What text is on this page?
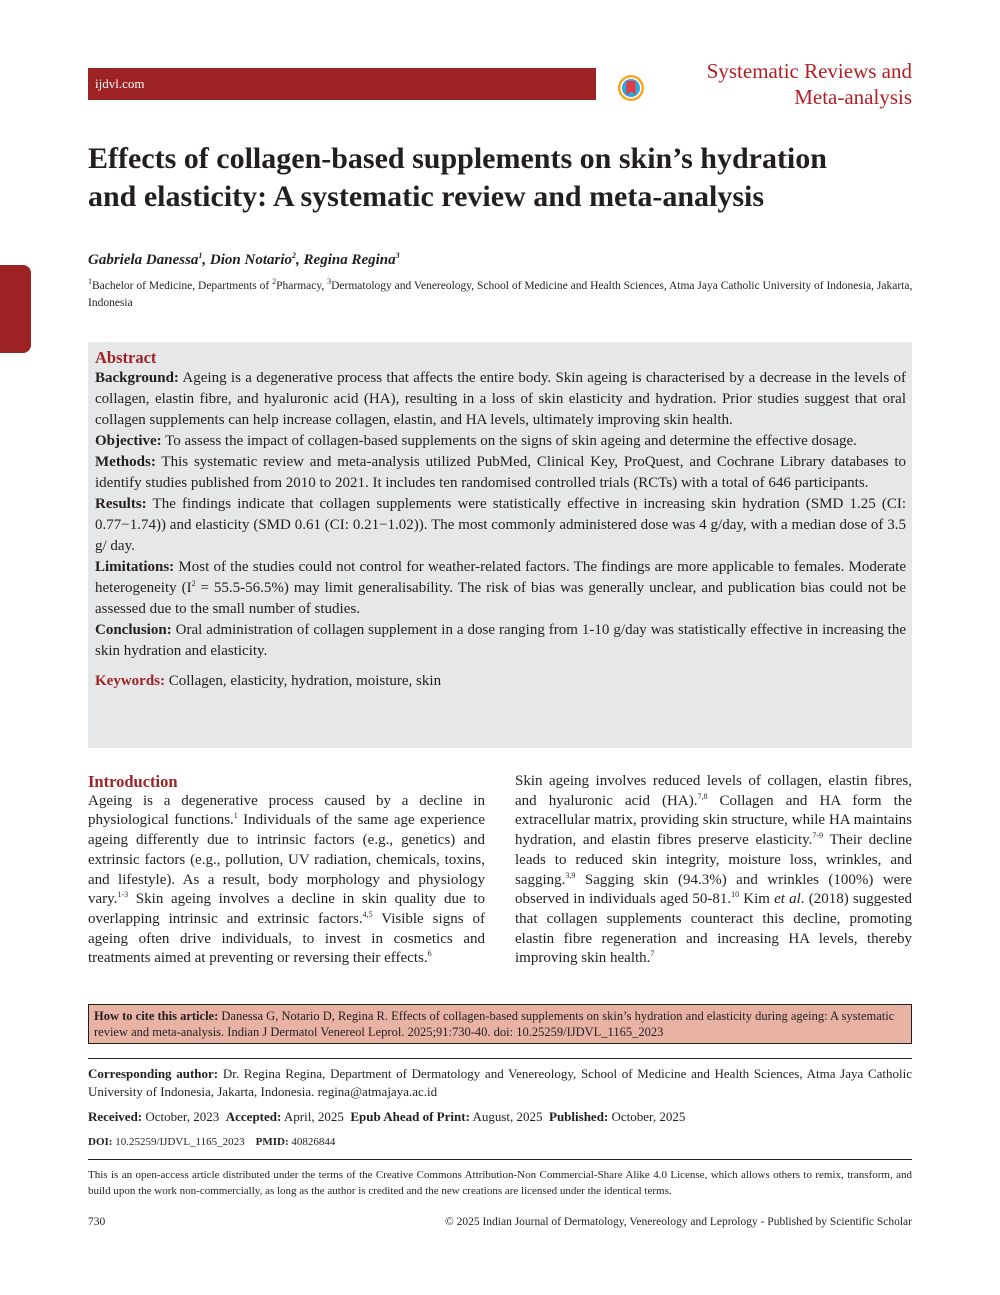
ijdvl.com
Systematic Reviews and
Meta-analysis
Effects of collagen-based supplements on skin’s hydration
and elasticity: A systematic review and meta-analysis
Gabriela Danessa$^1$, Dion Notario$^2$, Regina Regina$^3$
$^1$Bachelor of Medicine, Departments of $^2$Pharmacy, $^3$Dermatology and Venereology, School of Medicine and Health Sciences, Atma Jaya Catholic University of Indonesia, Jakarta, Indonesia
Abstract

Background: Ageing is a degenerative process that affects the entire body. Skin ageing is characterised by a decrease in the levels of collagen, elastin fibre, and hyaluronic acid (HA), resulting in a loss of skin elasticity and hydration. Prior studies suggest that oral collagen supplements can help increase collagen, elastin, and HA levels, ultimately improving skin health.

Objective: To assess the impact of collagen-based supplements on the signs of skin ageing and determine the effective dosage.

Methods: This systematic review and meta-analysis utilized PubMed, Clinical Key, ProQuest, and Cochrane Library databases to identify studies published from 2010 to 2021. It includes ten randomised controlled trials (RCTs) with a total of 646 participants.

Results: The findings indicate that collagen supplements were statistically effective in increasing skin hydration (SMD 1.25 (CI: 0.77−1.74)) and elasticity (SMD 0.61 (CI: 0.21−1.02)). The most commonly administered dose was 4 g/day, with a median dose of 3.5 g/ day.

Limitations: Most of the studies could not control for weather-related factors. The findings are more applicable to females. Moderate heterogeneity $(I^2 = 55.5-56.5\%)$ may limit generalisability. The risk of bias was generally unclear, and publication bias could not be assessed due to the small number of studies.

Conclusion: Oral administration of collagen supplement in a dose ranging from 1-10 g/day was statistically effective in increasing the skin hydration and elasticity.

Keywords: Collagen, elasticity, hydration, moisture, skin

Introduction

Ageing is a degenerative process caused by a decline in physiological functions.$^1$ Individuals of the same age experience ageing differently due to intrinsic factors (e.g., genetics) and extrinsic factors (e.g., pollution, UV radiation, chemicals, toxins, and lifestyle). As a result, body morphology and physiology vary.$^{1-3}$ Skin ageing involves a decline in skin quality due to overlapping intrinsic and extrinsic factors.$^{4,5}$ Visible signs of ageing often drive individuals, to invest in cosmetics and treatments aimed at preventing or reversing their effects.$^6$

Skin ageing involves reduced levels of collagen, elastin fibres, and hyaluronic acid (HA).$^{7,8}$ Collagen and HA form the extracellular matrix, providing skin structure, while HA maintains hydration, and elastin fibres preserve elasticity.$^{7-9}$ Their decline leads to reduced skin integrity, moisture loss, wrinkles, and sagging.$^{3,9}$ Sagging skin (94.3%) and wrinkles (100%) were observed in individuals aged 50-81.10 Kim et al. (2018) suggested that collagen supplements counteract this decline, promoting elastin fibre regeneration and increasing HA levels, thereby improving skin health.$^7$

How to cite this article: Danessa G, Notario D, Regina R. Effects of collagen-based supplements on skin’s hydration and elasticity during ageing: A systematic review and meta-analysis. Indian J Dermatol Venereol Leprol. 2025;91:730-40. doi: 10.25259/IJDVL_1165_2023
Corresponding author: Dr. Regina Regina, Department of Dermatology and Venereology, School of Medicine and Health Sciences, Atma Jaya Catholic University of Indonesia, Jakarta, Indonesia. regina@atmajaya.ac.id
Received: October, 2023 Accepted: April, 2025 Epub Ahead of Print: August, 2025 Published: October, 2025
DOI: 10.25259/IJDVL_1165_2023 PMID: 40826844
This is an open-access article distributed under the terms of the Creative Commons Attribution-Non Commercial-Share Alike 4.0 License, which allows others to remix, transform, and build upon the work non-commercially, as long as the author is credited and the new creations are licensed under the identical terms.
730	© 2025 Indian Journal of Dermatology, Venereology and Leprology - Published by Scientific Scholar
